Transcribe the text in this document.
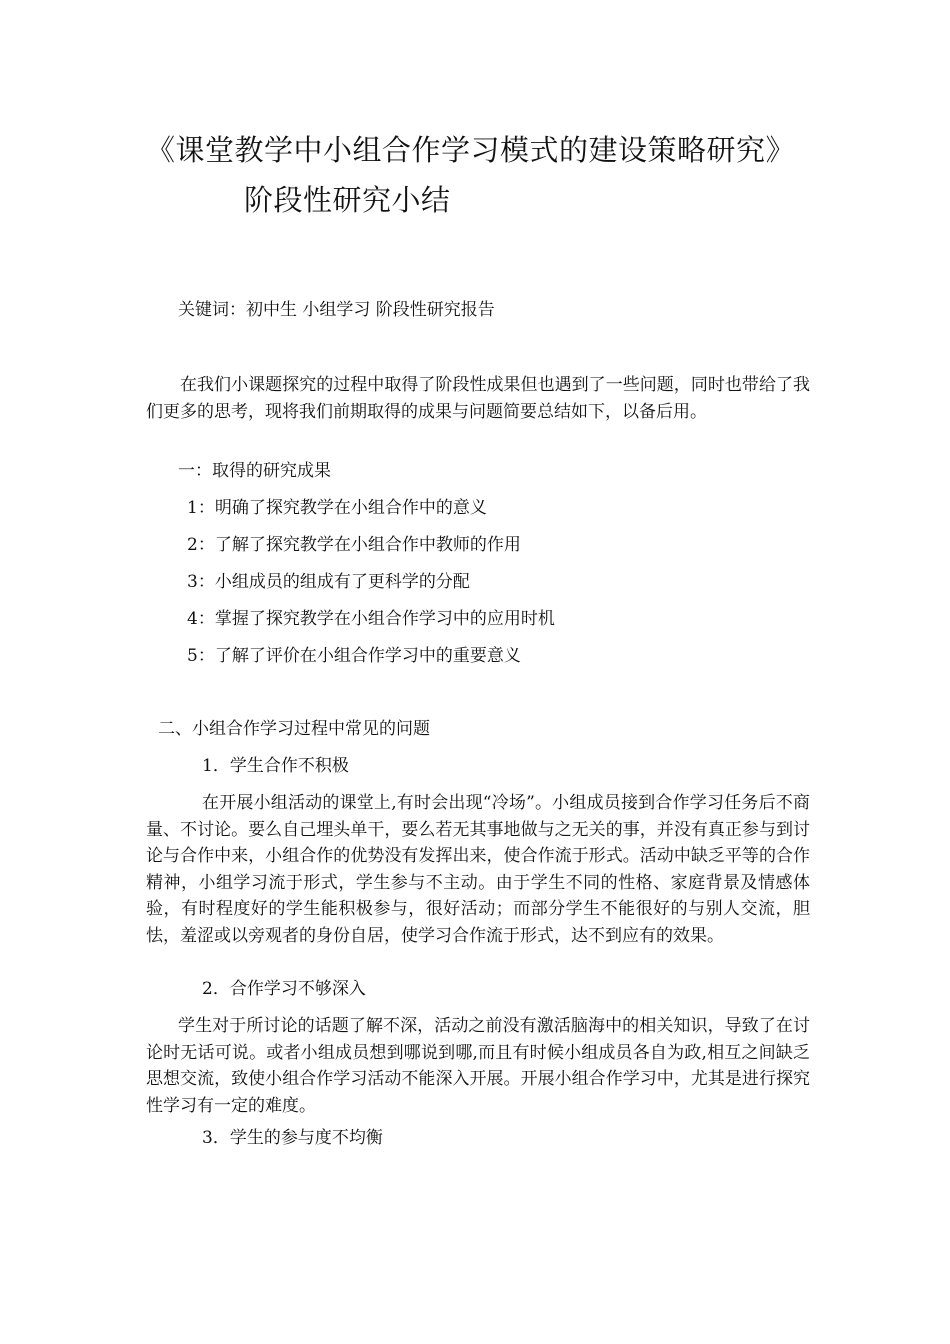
《课堂教学中小组合作学习模式的建设策略研究》
阶段性研究小结
关键词：初中生 小组学习 阶段性研究报告

在我们小课题探究的过程中取得了阶段性成果但也遇到了一些问题，同时也带给了我们更多的思考，现将我们前期取得的成果与问题简要总结如下，以备后用。

一：取得的研究成果
1：明确了探究教学在小组合作中的意义
2：了解了探究教学在小组合作中教师的作用
3：小组成员的组成有了更科学的分配
4：掌握了探究教学在小组合作学习中的应用时机
5：了解了评价在小组合作学习中的重要意义
二、小组合作学习过程中常见的问题
1．学生合作不积极

在开展小组活动的课堂上,有时会出现“冷场”。小组成员接到合作学习任务后不商量、不讨论。要么自己埋头单干，要么若无其事地做与之无关的事，并没有真正参与到讨论与合作中来，小组合作的优势没有发挥出来，使合作流于形式。活动中缺乏平等的合作精神，小组学习流于形式，学生参与不主动。由于学生不同的性格、家庭背景及情感体验，有时程度好的学生能积极参与，很好活动；而部分学生不能很好的与别人交流，胆怯，羞涩或以旁观者的身份自居，使学习合作流于形式，达不到应有的效果。

2．合作学习不够深入

学生对于所讨论的话题了解不深，活动之前没有激活脑海中的相关知识，导致了在讨论时无话可说。或者小组成员想到哪说到哪,而且有时候小组成员各自为政,相互之间缺乏思想交流，致使小组合作学习活动不能深入开展。开展小组合作学习中，尤其是进行探究性学习有一定的难度。

3．学生的参与度不均衡
